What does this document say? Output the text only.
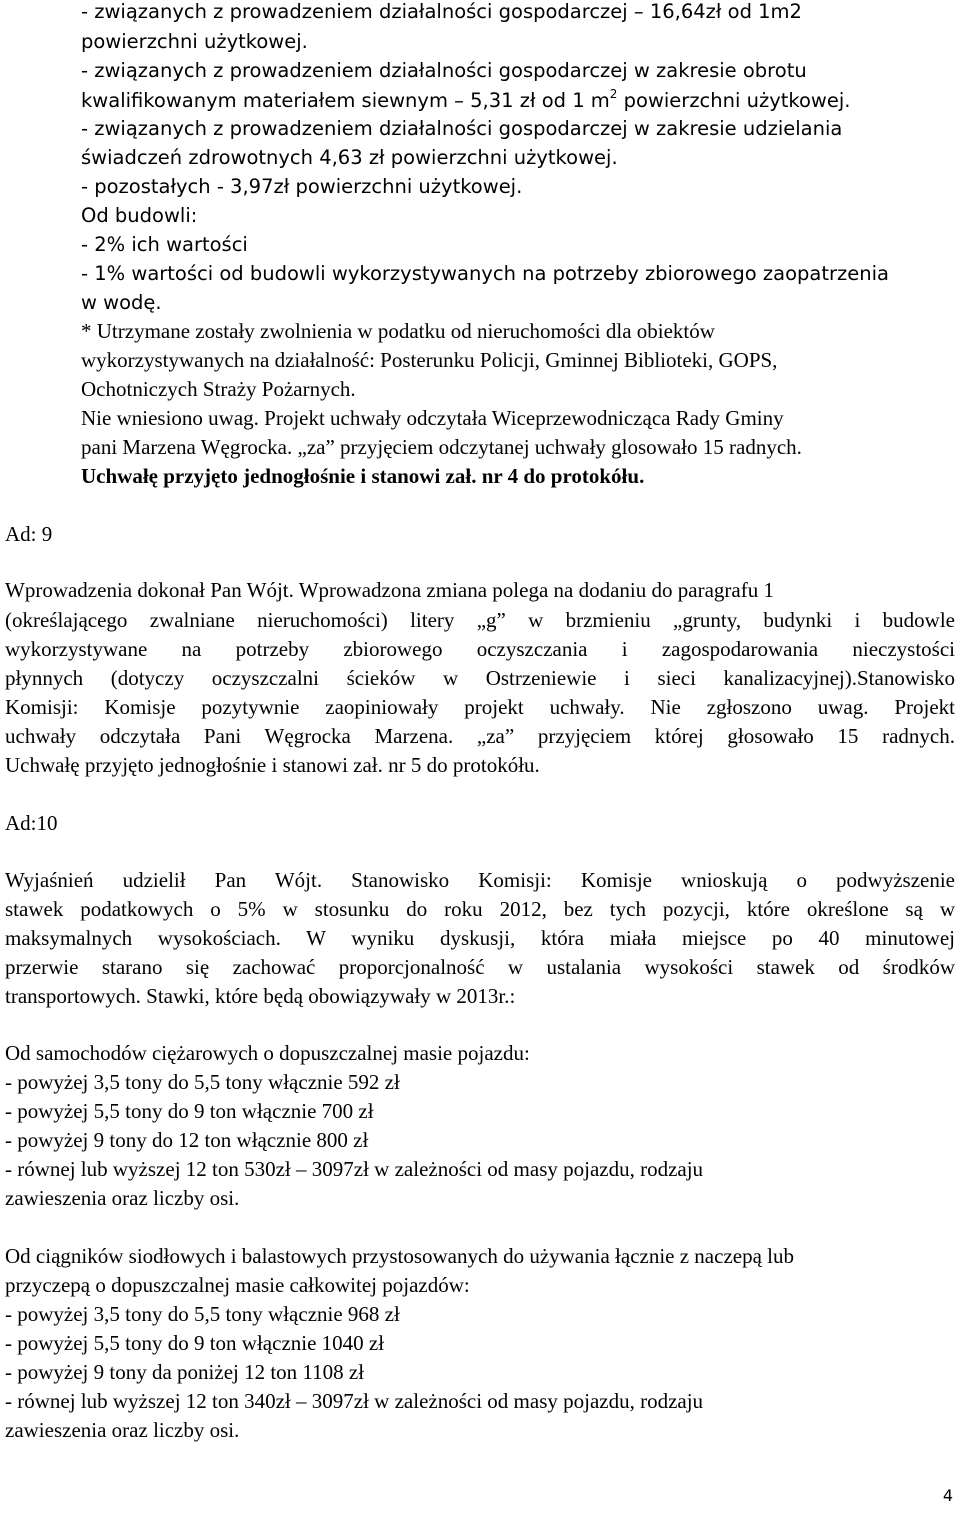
- związanych z prowadzeniem działalności gospodarczej – 16,64zł od 1m2
powierzchni użytkowej.
- związanych z prowadzeniem działalności gospodarczej w zakresie obrotu
kwalifikowanym materiałem siewnym – 5,31 zł od 1 $m^2$ powierzchni użytkowej.
- związanych z prowadzeniem działalności gospodarczej w zakresie udzielania
świadczeń zdrowotnych 4,63 zł powierzchni użytkowej.
- pozostałych - 3,97zł powierzchni użytkowej.
Od budowli:
- 2% ich wartości
- 1% wartości od budowli wykorzystywanych na potrzeby zbiorowego zaopatrzenia
w wodę.
* Utrzymane zostały zwolnienia w podatku od nieruchomości dla obiektów
wykorzystywanych na działalność: Posterunku Policji, Gminnej Biblioteki, GOPS,
Ochotniczych Straży Pożarnych.
Nie wniesiono uwag. Projekt uchwały odczytała Wiceprzewodnicząca Rady Gminy
pani Marzena Węgrocka. „za” przyjęciem odczytanej uchwały glosowało 15 radnych.
Uchwałę przyjęto jednogłośnie i stanowi zał. nr 4 do protokółu.
Ad: 9
Wprowadzenia dokonał Pan Wójt. Wprowadzona zmiana polega na dodaniu do paragrafu 1
(określającego zwalniane nieruchomości) litery „g” w brzmieniu „grunty, budynki i budowle
wykorzystywane na potrzeby zbiorowego oczyszczania i zagospodarowania nieczystości
płynnych (dotyczy oczyszczalni ścieków w Ostrzeniewie i sieci kanalizacyjnej).Stanowisko
Komisji: Komisje pozytywnie zaopiniowały projekt uchwały. Nie zgłoszono uwag. Projekt
uchwały odczytała Pani Węgrocka Marzena. „za” przyjęciem której głosowało 15 radnych.
Uchwałę przyjęto jednogłośnie i stanowi zał. nr 5 do protokółu.
Ad:10
Wyjaśnień udzielił Pan Wójt. Stanowisko Komisji: Komisje wnioskują o podwyższenie
stawek podatkowych o 5% w stosunku do roku 2012, bez tych pozycji, które określone są w
maksymalnych wysokościach. W wyniku dyskusji, która miała miejsce po 40 minutowej
przerwie starano się zachować proporcjonalność w ustalania wysokości stawek od środków
transportowych. Stawki, które będą obowiązywały w 2013r.:
Od samochodów ciężarowych o dopuszczalnej masie pojazdu:
- powyżej 3,5 tony do 5,5 tony włącznie 592 zł
- powyżej 5,5 tony do 9 ton włącznie 700 zł
- powyżej 9 tony do 12 ton włącznie 800 zł
- równej lub wyższej 12 ton 530zł – 3097zł w zależności od masy pojazdu, rodzaju
zawieszenia oraz liczby osi.
Od ciągników siodłowych i balastowych przystosowanych do używania łącznie z naczepą lub
przyczepą o dopuszczalnej masie całkowitej pojazdów:
- powyżej 3,5 tony do 5,5 tony włącznie 968 zł
- powyżej 5,5 tony do 9 ton włącznie 1040 zł
- powyżej 9 tony da poniżej 12 ton 1108 zł
- równej lub wyższej 12 ton 340zł – 3097zł w zależności od masy pojazdu, rodzaju
zawieszenia oraz liczby osi.
4
